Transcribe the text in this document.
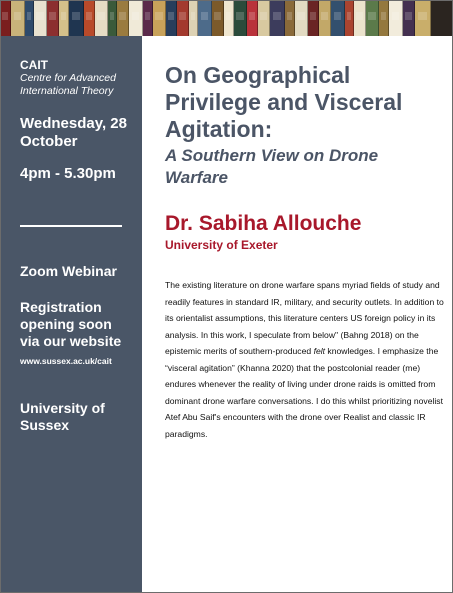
CAIT
Centre for Advanced International Theory
Wednesday, 28 October
4pm - 5.30pm
Zoom Webinar
Registration opening soon via our website
www.sussex.ac.uk/cait
University of Sussex
On Geographical Privilege and Visceral Agitation:
A Southern View on Drone Warfare
Dr. Sabiha Allouche
University of Exeter

The existing literature on drone warfare spans myriad fields of study and readily features in standard IR, military, and security outlets. In addition to its orientalist assumptions, this literature centers US foreign policy in its analysis. In this work, I speculate from below" (Bahng 2018) on the epistemic merits of southern-produced felt knowledges. I emphasize the “visceral agitation” (Khanna 2020) that the postcolonial reader (me) endures whenever the reality of living under drone raids is omitted from dominant drone warfare conversations. I do this whilst prioritizing novelist Atef Abu Saif's encounters with the drone over Realist and classic IR paradigms.
